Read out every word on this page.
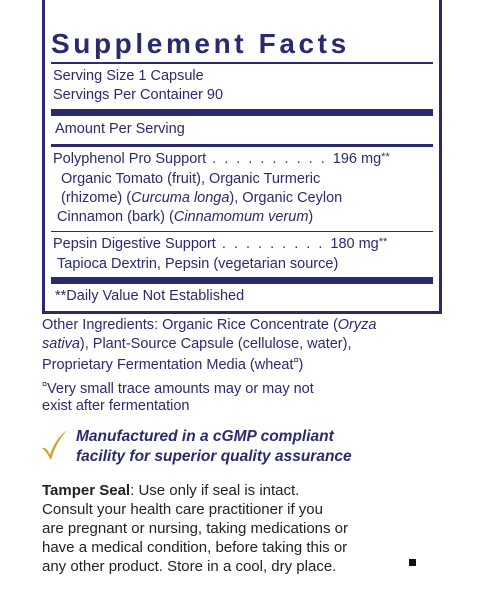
Supplement Facts
Serving Size 1 Capsule
Servings Per Container 90
Amount Per Serving
Polyphenol Pro Support . . . . . . . . . . 196 mg**
Organic Tomato (fruit), Organic Turmeric
(rhizome) (Curcuma longa), Organic Ceylon
Cinnamon (bark) (Cinnamomum verum)
Pepsin Digestive Support . . . . . . . . . 180 mg**
Tapioca Dextrin, Pepsin (vegetarian source)
**Daily Value Not Established
Other Ingredients: Organic Rice Concentrate (Oryza
sativa), Plant-Source Capsule (cellulose, water),
Proprietary Fermentation Media (wheat¤)
¤Very small trace amounts may or may not
exist after fermentation
Manufactured in a cGMP compliant
facility for superior quality assurance
Tamper Seal: Use only if seal is intact.
Consult your health care practitioner if you
are pregnant or nursing, taking medications or
have a medical condition, before taking this or
any other product. Store in a cool, dry place.
